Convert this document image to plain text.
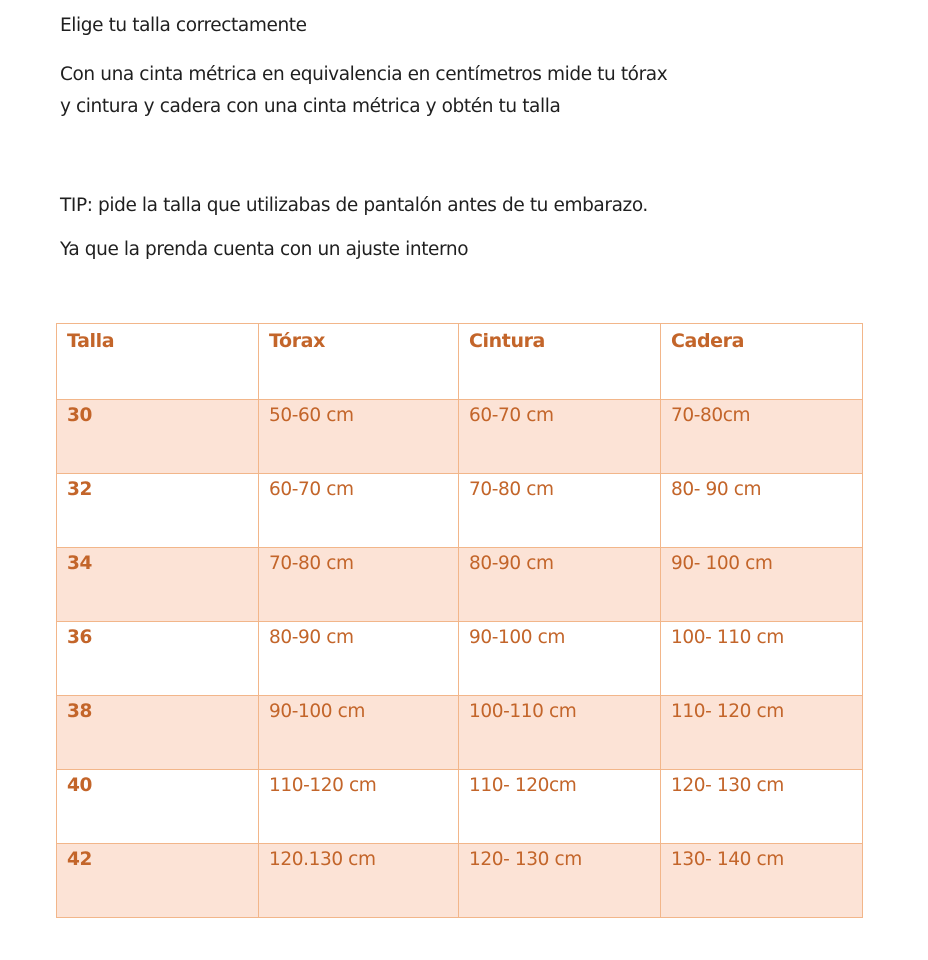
Elige tu talla correctamente

Con una cinta métrica en equivalencia en centímetros mide tu tórax

y cintura y cadera con una cinta métrica y obtén tu talla

TIP: pide la talla que utilizabas de pantalón antes de tu embarazo.

Ya que la prenda cuenta con un ajuste interno

Talla	Tórax	Cintura	Cadera
30	50-60 cm	60-70 cm	70-80cm
32	60-70 cm	70-80 cm	80- 90 cm
34	70-80 cm	80-90 cm	90- 100 cm
36	80-90 cm	90-100 cm	100- 110 cm
38	90-100 cm	100-110 cm	110- 120 cm
40	110-120 cm	110- 120cm	120- 130 cm
42	120.130 cm	120- 130 cm	130- 140 cm
